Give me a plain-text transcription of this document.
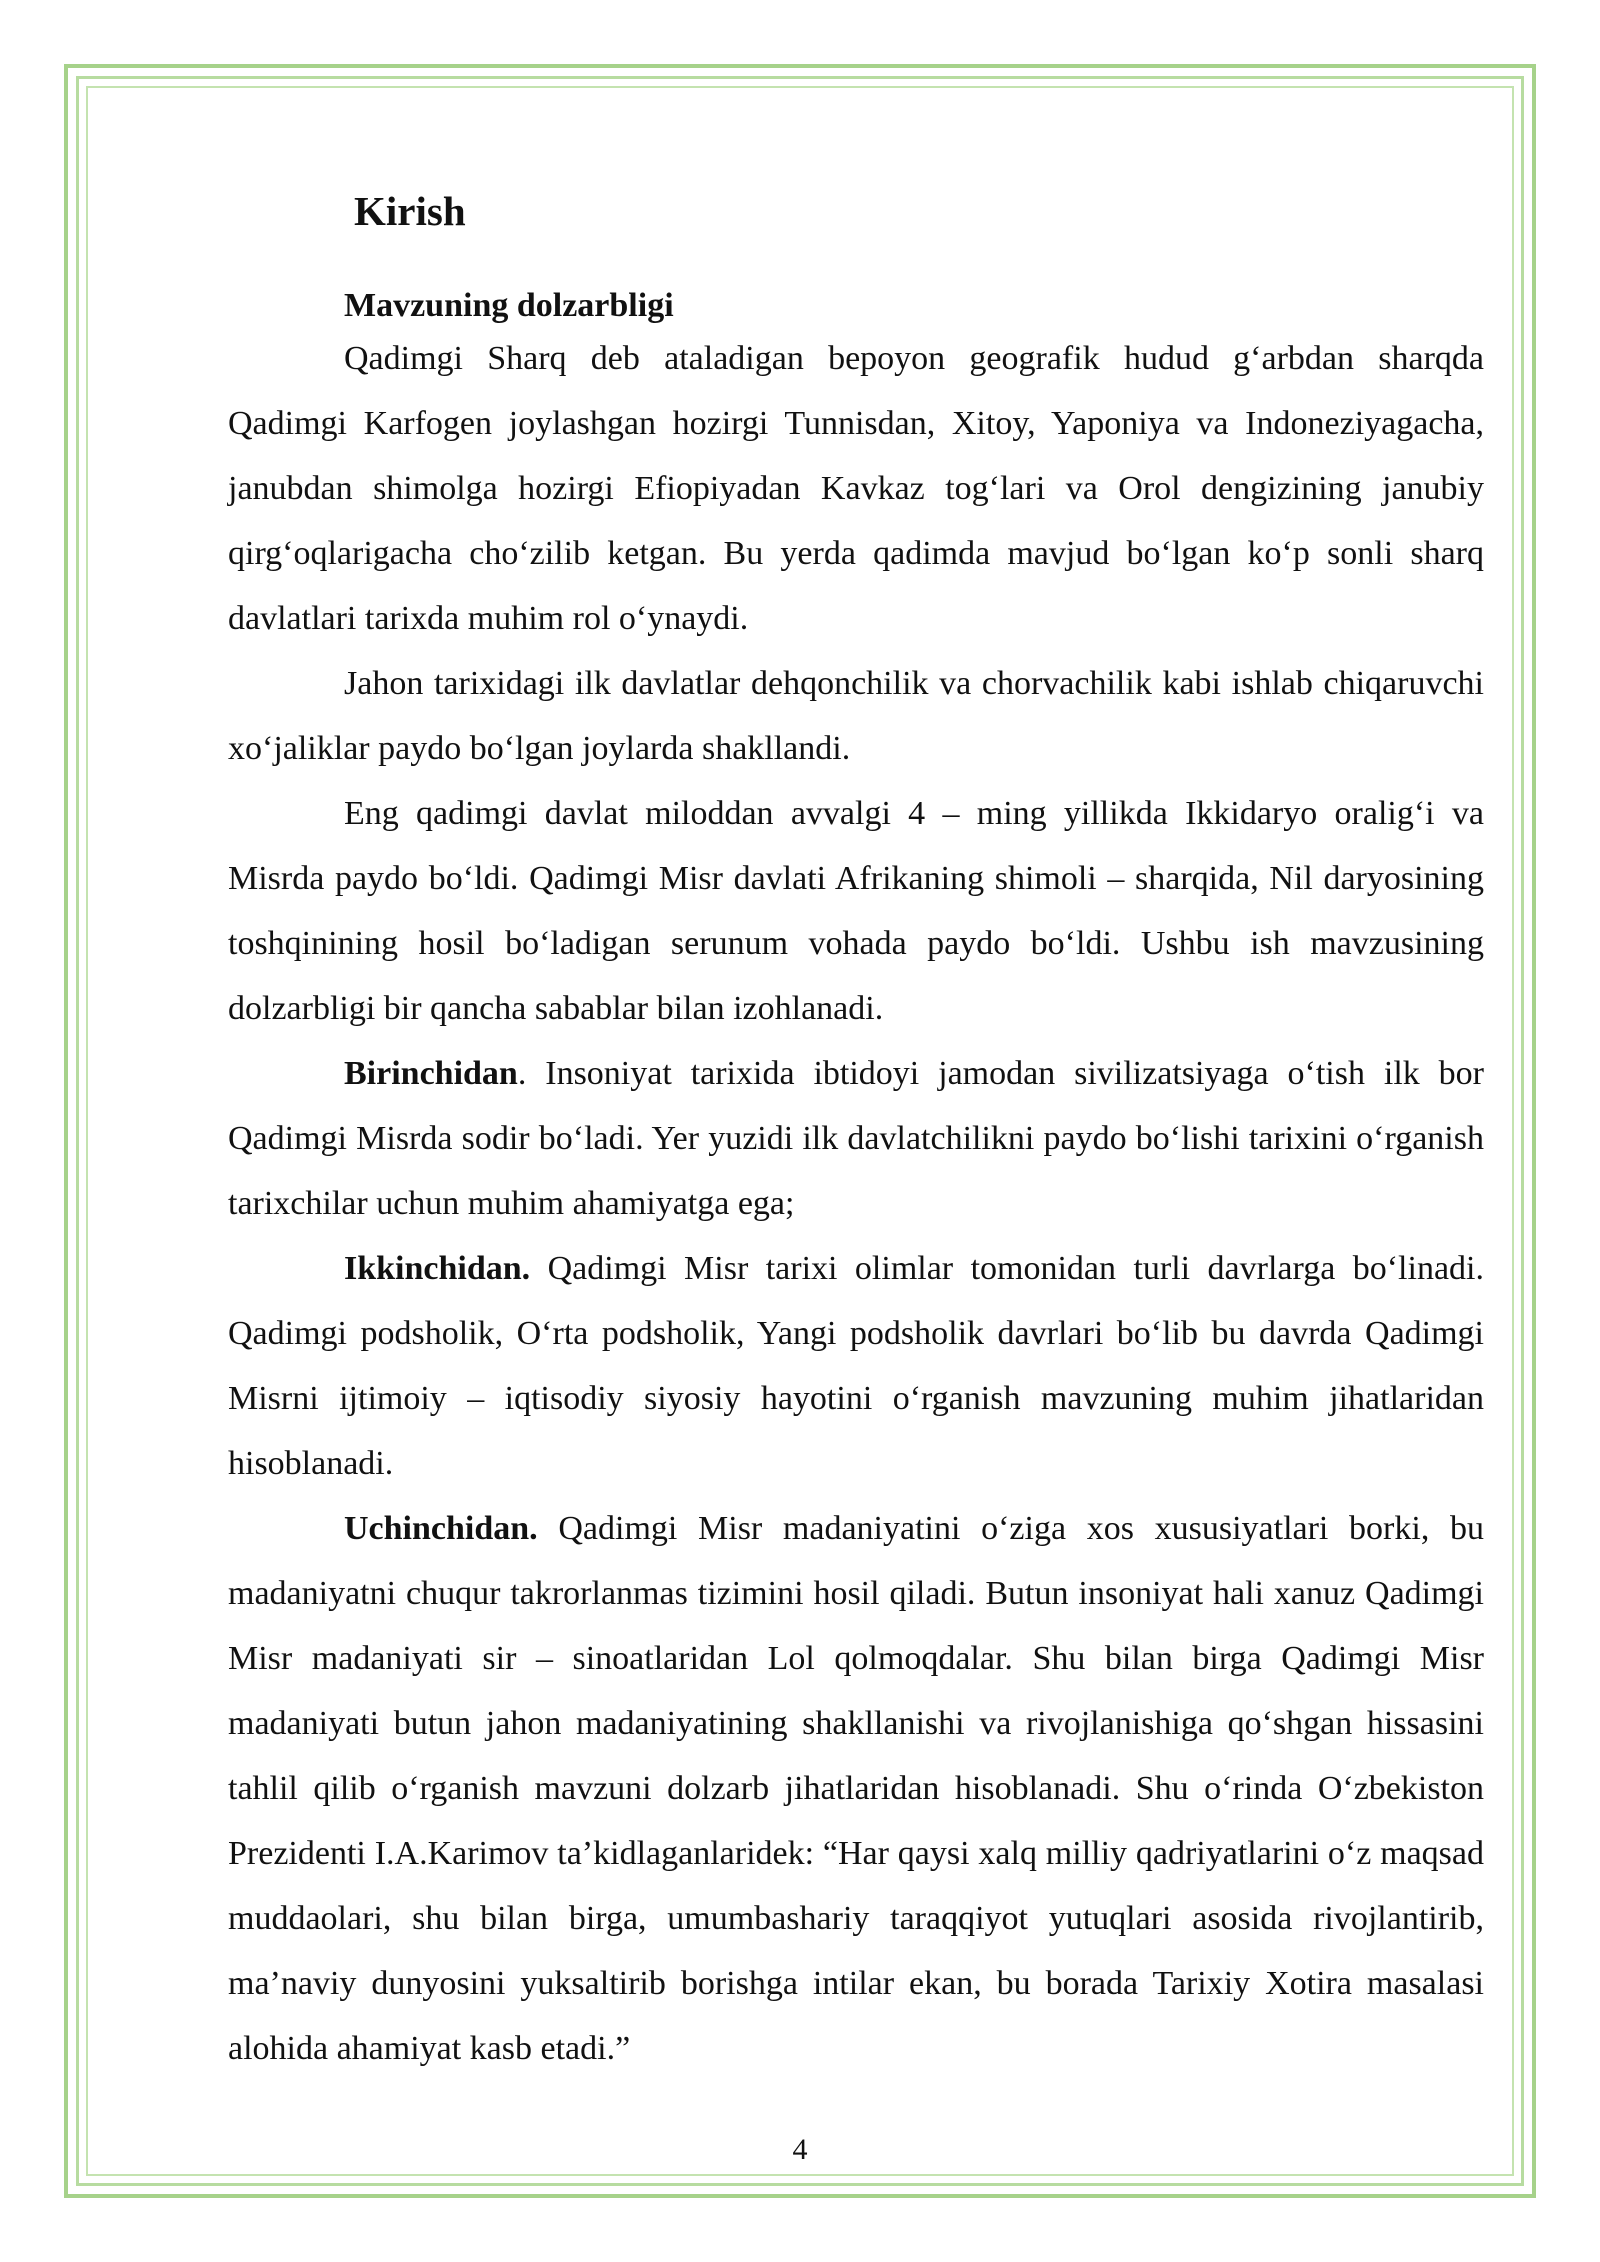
Kirish
Mavzuning dolzarbligi

Qadimgi Sharq deb ataladigan bepoyon geografik hudud g‘arbdan sharqda Qadimgi Karfogen joylashgan hozirgi Tunnisdan, Xitoy, Yaponiya va Indoneziyagacha, janubdan shimolga hozirgi Efiopiyadan Kavkaz tog‘lari va Orol dengizining janubiy qirg‘oqlarigacha cho‘zilib ketgan. Bu yerda qadimda mavjud bo‘lgan ko‘p sonli sharq davlatlari tarixda muhim rol o‘ynaydi.

Jahon tarixidagi ilk davlatlar dehqonchilik va chorvachilik kabi ishlab chiqaruvchi xo‘jaliklar paydo bo‘lgan joylarda shakllandi.

Eng qadimgi davlat miloddan avvalgi 4 – ming yillikda Ikkidaryo oralig‘i va Misrda paydo bo‘ldi. Qadimgi Misr davlati Afrikaning shimoli – sharqida, Nil daryosining toshqinining hosil bo‘ladigan serunum vohada paydo bo‘ldi. Ushbu ish mavzusining dolzarbligi bir qancha sabablar bilan izohlanadi.

Birinchidan. Insoniyat tarixida ibtidoyi jamodan sivilizatsiyaga o‘tish ilk bor Qadimgi Misrda sodir bo‘ladi. Yer yuzidi ilk davlatchilikni paydo bo‘lishi tarixini o‘rganish tarixchilar uchun muhim ahamiyatga ega;

Ikkinchidan. Qadimgi Misr tarixi olimlar tomonidan turli davrlarga bo‘linadi. Qadimgi podsholik, O‘rta podsholik, Yangi podsholik davrlari bo‘lib bu davrda Qadimgi Misrni ijtimoiy – iqtisodiy siyosiy hayotini o‘rganish mavzuning muhim jihatlaridan hisoblanadi.

Uchinchidan. Qadimgi Misr madaniyatini o‘ziga xos xususiyatlari borki, bu madaniyatni chuqur takrorlanmas tizimini hosil qiladi. Butun insoniyat hali xanuz Qadimgi Misr madaniyati sir – sinoatlaridan Lol qolmoqdalar. Shu bilan birga Qadimgi Misr madaniyati butun jahon madaniyatining shakllanishi va rivojlanishiga qo‘shgan hissasini tahlil qilib o‘rganish mavzuni dolzarb jihatlaridan hisoblanadi. Shu o‘rinda O‘zbekiston Prezidenti I.A.Karimov ta’kidlaganlaridek: “Har qaysi xalq milliy qadriyatlarini o‘z maqsad muddaolari, shu bilan birga, umumbashariy taraqqiyot yutuqlari asosida rivojlantirib, ma’naviy dunyosini yuksaltirib borishga intilar ekan, bu borada Tarixiy Xotira masalasi alohida ahamiyat kasb etadi.”

4
